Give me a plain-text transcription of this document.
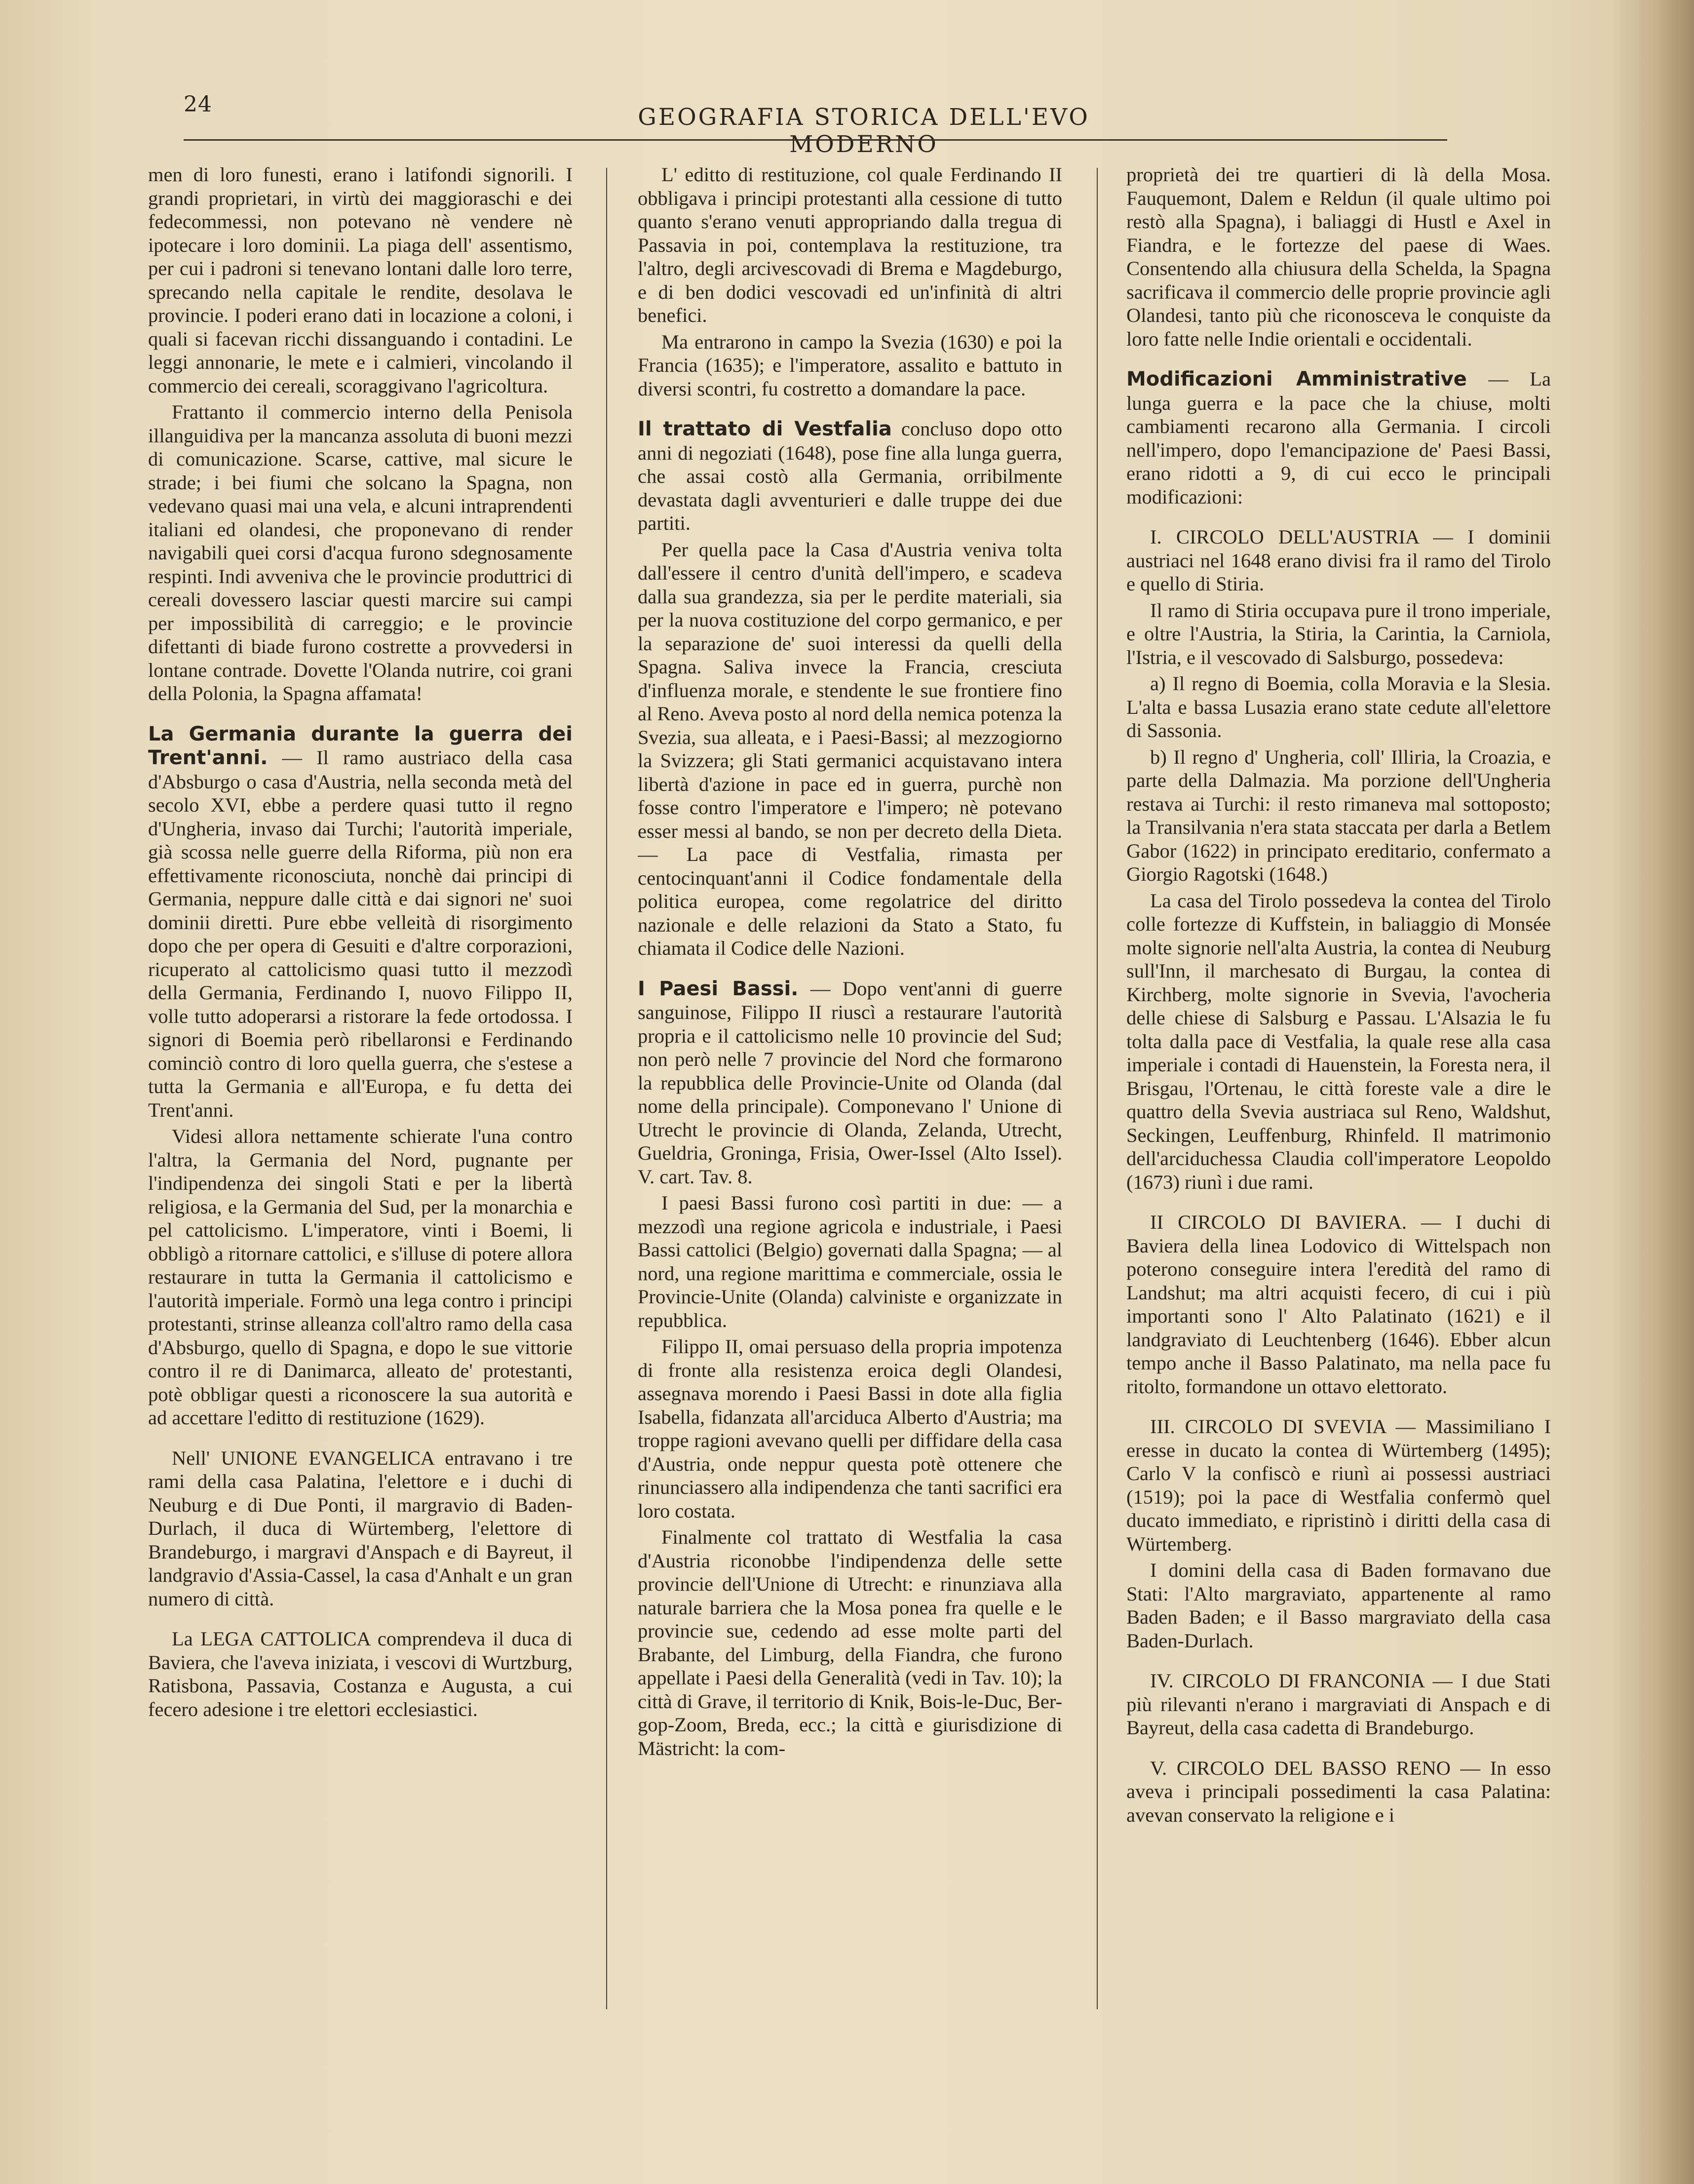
24	GEOGRAFIA STORICA DELL'EVO MODERNO

men di loro funesti, erano i latifondi signorili. I grandi proprietari, in virtù dei maggioraschi e dei fedecommessi, non potevano nè vendere nè ipotecare i loro dominii. La piaga dell' assentismo, per cui i padroni si tenevano lontani dalle loro terre, sprecando nella capitale le rendite, desolava le provincie. I poderi erano dati in locazione a coloni, i quali si facevan ricchi dissanguando i contadini. Le leggi annonarie, le mete e i calmieri, vincolando il commercio dei cereali, scoraggivano l'agricoltura.

Frattanto il commercio interno della Penisola illanguidiva per la mancanza assoluta di buoni mezzi di comunicazione. Scarse, cattive, mal sicure le strade; i bei fiumi che solcano la Spagna, non vedevano quasi mai una vela, e alcuni intraprendenti italiani ed olandesi, che proponevano di render navigabili quei corsi d'acqua furono sdegnosamente respinti. Indi avveniva che le provincie produttrici di cereali dovessero lasciar questi marcire sui campi per impossibilità di carreggio; e le provincie difettanti di biade furono costrette a provvedersi in lontane contrade. Dovette l'Olanda nutrire, coi grani della Polonia, la Spagna affamata!

La Germania durante la guerra dei Trent'anni. — Il ramo austriaco della casa d'Absburgo o casa d'Austria, nella seconda metà del secolo XVI, ebbe a perdere quasi tutto il regno d'Ungheria, invaso dai Turchi; l'autorità imperiale, già scossa nelle guerre della Riforma, più non era effettivamente riconosciuta, nonchè dai principi di Germania, neppure dalle città e dai signori ne' suoi dominii diretti. Pure ebbe velleità di risorgimento dopo che per opera di Gesuiti e d'altre corporazioni, ricuperato al cattolicismo quasi tutto il mezzodì della Germania, Ferdinando I, nuovo Filippo II, volle tutto adoperarsi a ristorare la fede ortodossa. I signori di Boemia però ribellaronsi e Ferdinando cominciò contro di loro quella guerra, che s'estese a tutta la Germania e all'Europa, e fu detta dei Trent'anni.

Videsi allora nettamente schierate l'una contro l'altra, la Germania del Nord, pugnante per l'indipendenza dei singoli Stati e per la libertà religiosa, e la Germania del Sud, per la monarchia e pel cattolicismo. L'imperatore, vinti i Boemi, li obbligò a ritornare cattolici, e s'illuse di potere allora restaurare in tutta la Germania il cattolicismo e l'autorità imperiale. Formò una lega contro i principi protestanti, strinse alleanza coll'altro ramo della casa d'Absburgo, quello di Spagna, e dopo le sue vittorie contro il re di Danimarca, alleato de' protestanti, potè obbligar questi a riconoscere la sua autorità e ad accettare l'editto di restituzione (1629).

Nell' UNIONE EVANGELICA entravano i tre rami della casa Palatina, l'elettore e i duchi di Neuburg e di Due Ponti, il margravio di Baden-Durlach, il duca di Würtemberg, l'elettore di Brandeburgo, i margravi d'Anspach e di Bayreut, il landgravio d'Assia-Cassel, la casa d'Anhalt e un gran numero di città.

La LEGA CATTOLICA comprendeva il duca di Baviera, che l'aveva iniziata, i vescovi di Wurtzburg, Ratisbona, Passavia, Costanza e Augusta, a cui fecero adesione i tre elettori ecclesiastici.

L' editto di restituzione, col quale Ferdinando II obbligava i principi protestanti alla cessione di tutto quanto s'erano venuti appropriando dalla tregua di Passavia in poi, contemplava la restituzione, tra l'altro, degli arcivescovadi di Brema e Magdeburgo, e di ben dodici vescovadi ed un'infinità di altri benefici.

Ma entrarono in campo la Svezia (1630) e poi la Francia (1635); e l'imperatore, assalito e battuto in diversi scontri, fu costretto a domandare la pace.

Il trattato di Vestfalia concluso dopo otto anni di negoziati (1648), pose fine alla lunga guerra, che assai costò alla Germania, orribilmente devastata dagli avventurieri e dalle truppe dei due partiti.

Per quella pace la Casa d'Austria veniva tolta dall'essere il centro d'unità dell'impero, e scadeva dalla sua grandezza, sia per le perdite materiali, sia per la nuova costituzione del corpo germanico, e per la separazione de' suoi interessi da quelli della Spagna. Saliva invece la Francia, cresciuta d'influenza morale, e stendente le sue frontiere fino al Reno. Aveva posto al nord della nemica potenza la Svezia, sua alleata, e i Paesi-Bassi; al mezzogiorno la Svizzera; gli Stati germanici acquistavano intera libertà d'azione in pace ed in guerra, purchè non fosse contro l'imperatore e l'impero; nè potevano esser messi al bando, se non per decreto della Dieta. — La pace di Vestfalia, rimasta per centocinquant'anni il Codice fondamentale della politica europea, come regolatrice del diritto nazionale e delle relazioni da Stato a Stato, fu chiamata il Codice delle Nazioni.

I Paesi Bassi. — Dopo vent'anni di guerre sanguinose, Filippo II riuscì a restaurare l'autorità propria e il cattolicismo nelle 10 provincie del Sud; non però nelle 7 provincie del Nord che formarono la repubblica delle Provincie-Unite od Olanda (dal nome della principale). Componevano l' Unione di Utrecht le provincie di Olanda, Zelanda, Utrecht, Gueldria, Groninga, Frisia, Ower-Issel (Alto Issel). V. cart. Tav. 8.

I paesi Bassi furono così partiti in due: — a mezzodì una regione agricola e industriale, i Paesi Bassi cattolici (Belgio) governati dalla Spagna; — al nord, una regione marittima e commerciale, ossia le Provincie-Unite (Olanda) calviniste e organizzate in repubblica.

Filippo II, omai persuaso della propria impotenza di fronte alla resistenza eroica degli Olandesi, assegnava morendo i Paesi Bassi in dote alla figlia Isabella, fidanzata all'arciduca Alberto d'Austria; ma troppe ragioni avevano quelli per diffidare della casa d'Austria, onde neppur questa potè ottenere che rinunciassero alla indipendenza che tanti sacrifici era loro costata.

Finalmente col trattato di Westfalia la casa d'Austria riconobbe l'indipendenza delle sette provincie dell'Unione di Utrecht: e rinunziava alla naturale barriera che la Mosa ponea fra quelle e le provincie sue, cedendo ad esse molte parti del Brabante, del Limburg, della Fiandra, che furono appellate i Paesi della Generalità (vedi in Tav. 10); la città di Grave, il territorio di Knik, Bois-le-Duc, Ber-gop-Zoom, Breda, ecc.; la città e giurisdizione di Mästricht: la com-

proprietà dei tre quartieri di là della Mosa. Fauquemont, Dalem e Reldun (il quale ultimo poi restò alla Spagna), i baliaggi di Hustl e Axel in Fiandra, e le fortezze del paese di Waes. Consentendo alla chiusura della Schelda, la Spagna sacrificava il commercio delle proprie provincie agli Olandesi, tanto più che riconosceva le conquiste da loro fatte nelle Indie orientali e occidentali.

Modificazioni Amministrative — La lunga guerra e la pace che la chiuse, molti cambiamenti recarono alla Germania. I circoli nell'impero, dopo l'emancipazione de' Paesi Bassi, erano ridotti a 9, di cui ecco le principali modificazioni:

I. CIRCOLO DELL'AUSTRIA — I dominii austriaci nel 1648 erano divisi fra il ramo del Tirolo e quello di Stiria.

Il ramo di Stiria occupava pure il trono imperiale, e oltre l'Austria, la Stiria, la Carintia, la Carniola, l'Istria, e il vescovado di Salsburgo, possedeva:

a) Il regno di Boemia, colla Moravia e la Slesia. L'alta e bassa Lusazia erano state cedute all'elettore di Sassonia.

b) Il regno d' Ungheria, coll' Illiria, la Croazia, e parte della Dalmazia. Ma porzione dell'Ungheria restava ai Turchi: il resto rimaneva mal sottoposto; la Transilvania n'era stata staccata per darla a Betlem Gabor (1622) in principato ereditario, confermato a Giorgio Ragotski (1648.)

La casa del Tirolo possedeva la contea del Tirolo colle fortezze di Kuffstein, in baliaggio di Monsée molte signorie nell'alta Austria, la contea di Neuburg sull'Inn, il marchesato di Burgau, la contea di Kirchberg, molte signorie in Svevia, l'avocheria delle chiese di Salsburg e Passau. L'Alsazia le fu tolta dalla pace di Vestfalia, la quale rese alla casa imperiale i contadi di Hauenstein, la Foresta nera, il Brisgau, l'Ortenau, le città foreste vale a dire le quattro della Svevia austriaca sul Reno, Waldshut, Seckingen, Leuffenburg, Rhinfeld. Il matrimonio dell'arciduchessa Claudia coll'imperatore Leopoldo (1673) riunì i due rami.

II CIRCOLO DI BAVIERA. — I duchi di Baviera della linea Lodovico di Wittelspach non poterono conseguire intera l'eredità del ramo di Landshut; ma altri acquisti fecero, di cui i più importanti sono l' Alto Palatinato (1621) e il landgraviato di Leuchtenberg (1646). Ebber alcun tempo anche il Basso Palatinato, ma nella pace fu ritolto, formandone un ottavo elettorato.

III. CIRCOLO DI SVEVIA — Massimiliano I eresse in ducato la contea di Würtemberg (1495); Carlo V la confiscò e riunì ai possessi austriaci (1519); poi la pace di Westfalia confermò quel ducato immediato, e ripristinò i diritti della casa di Würtemberg.

I domini della casa di Baden formavano due Stati: l'Alto margraviato, appartenente al ramo Baden Baden; e il Basso margraviato della casa Baden-Durlach.

IV. CIRCOLO DI FRANCONIA — I due Stati più rilevanti n'erano i margraviati di Anspach e di Bayreut, della casa cadetta di Brandeburgo.

V. CIRCOLO DEL BASSO RENO — In esso aveva i principali possedimenti la casa Palatina: avevan conservato la religione e i
